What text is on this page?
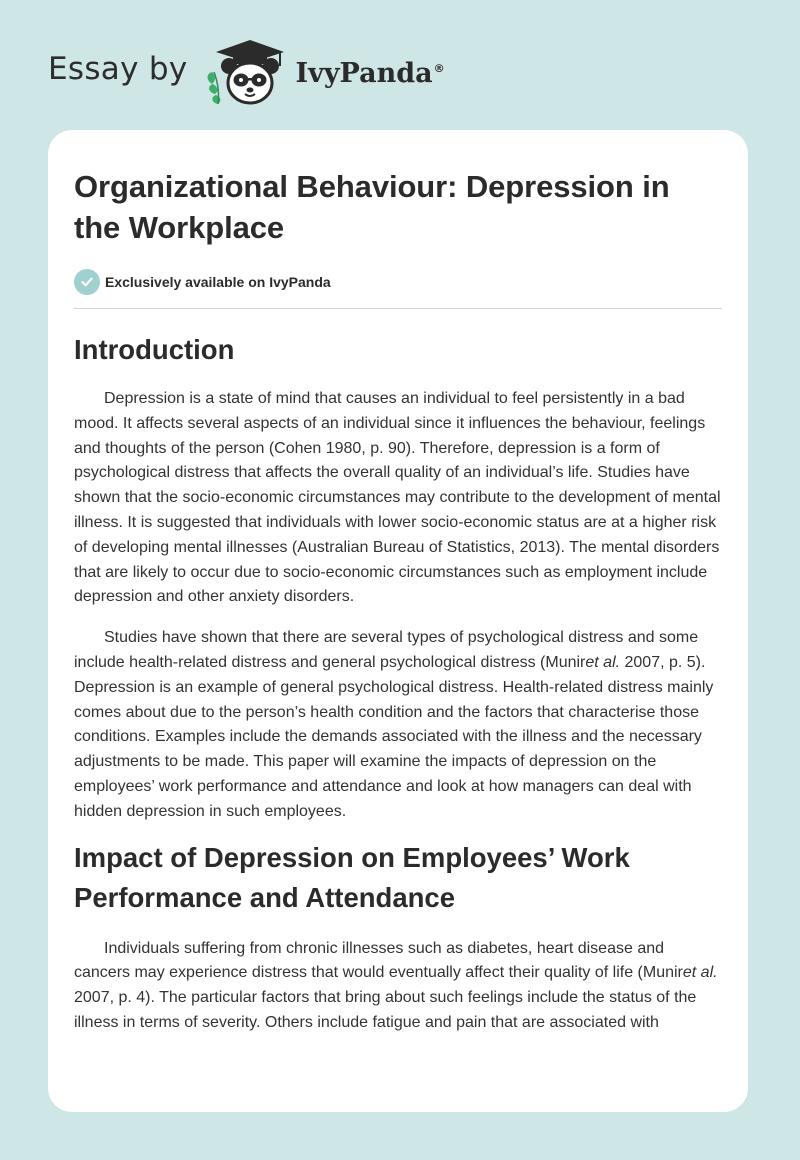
Essay by	IvyPanda®
Organizational Behaviour: Depression in the Workplace
Exclusively available on IvyPanda
Introduction

Depression is a state of mind that causes an individual to feel persistently in a bad mood. It affects several aspects of an individual since it influences the behaviour, feelings and thoughts of the person (Cohen 1980, p. 90). Therefore, depression is a form of psychological distress that affects the overall quality of an individual’s life. Studies have shown that the socio-economic circumstances may contribute to the development of mental illness. It is suggested that individuals with lower socio-economic status are at a higher risk of developing mental illnesses (Australian Bureau of Statistics, 2013). The mental disorders that are likely to occur due to socio-economic circumstances such as employment include depression and other anxiety disorders.

Studies have shown that there are several types of psychological distress and some include health-related distress and general psychological distress (Muniret al. 2007, p. 5). Depression is an example of general psychological distress. Health-related distress mainly comes about due to the person’s health condition and the factors that characterise those conditions. Examples include the demands associated with the illness and the necessary adjustments to be made. This paper will examine the impacts of depression on the employees’ work performance and attendance and look at how managers can deal with hidden depression in such employees.

Impact of Depression on Employees’ Work Performance and Attendance

Individuals suffering from chronic illnesses such as diabetes, heart disease and cancers may experience distress that would eventually affect their quality of life (Muniret al. 2007, p. 4). The particular factors that bring about such feelings include the status of the illness in terms of severity. Others include fatigue and pain that are associated with
